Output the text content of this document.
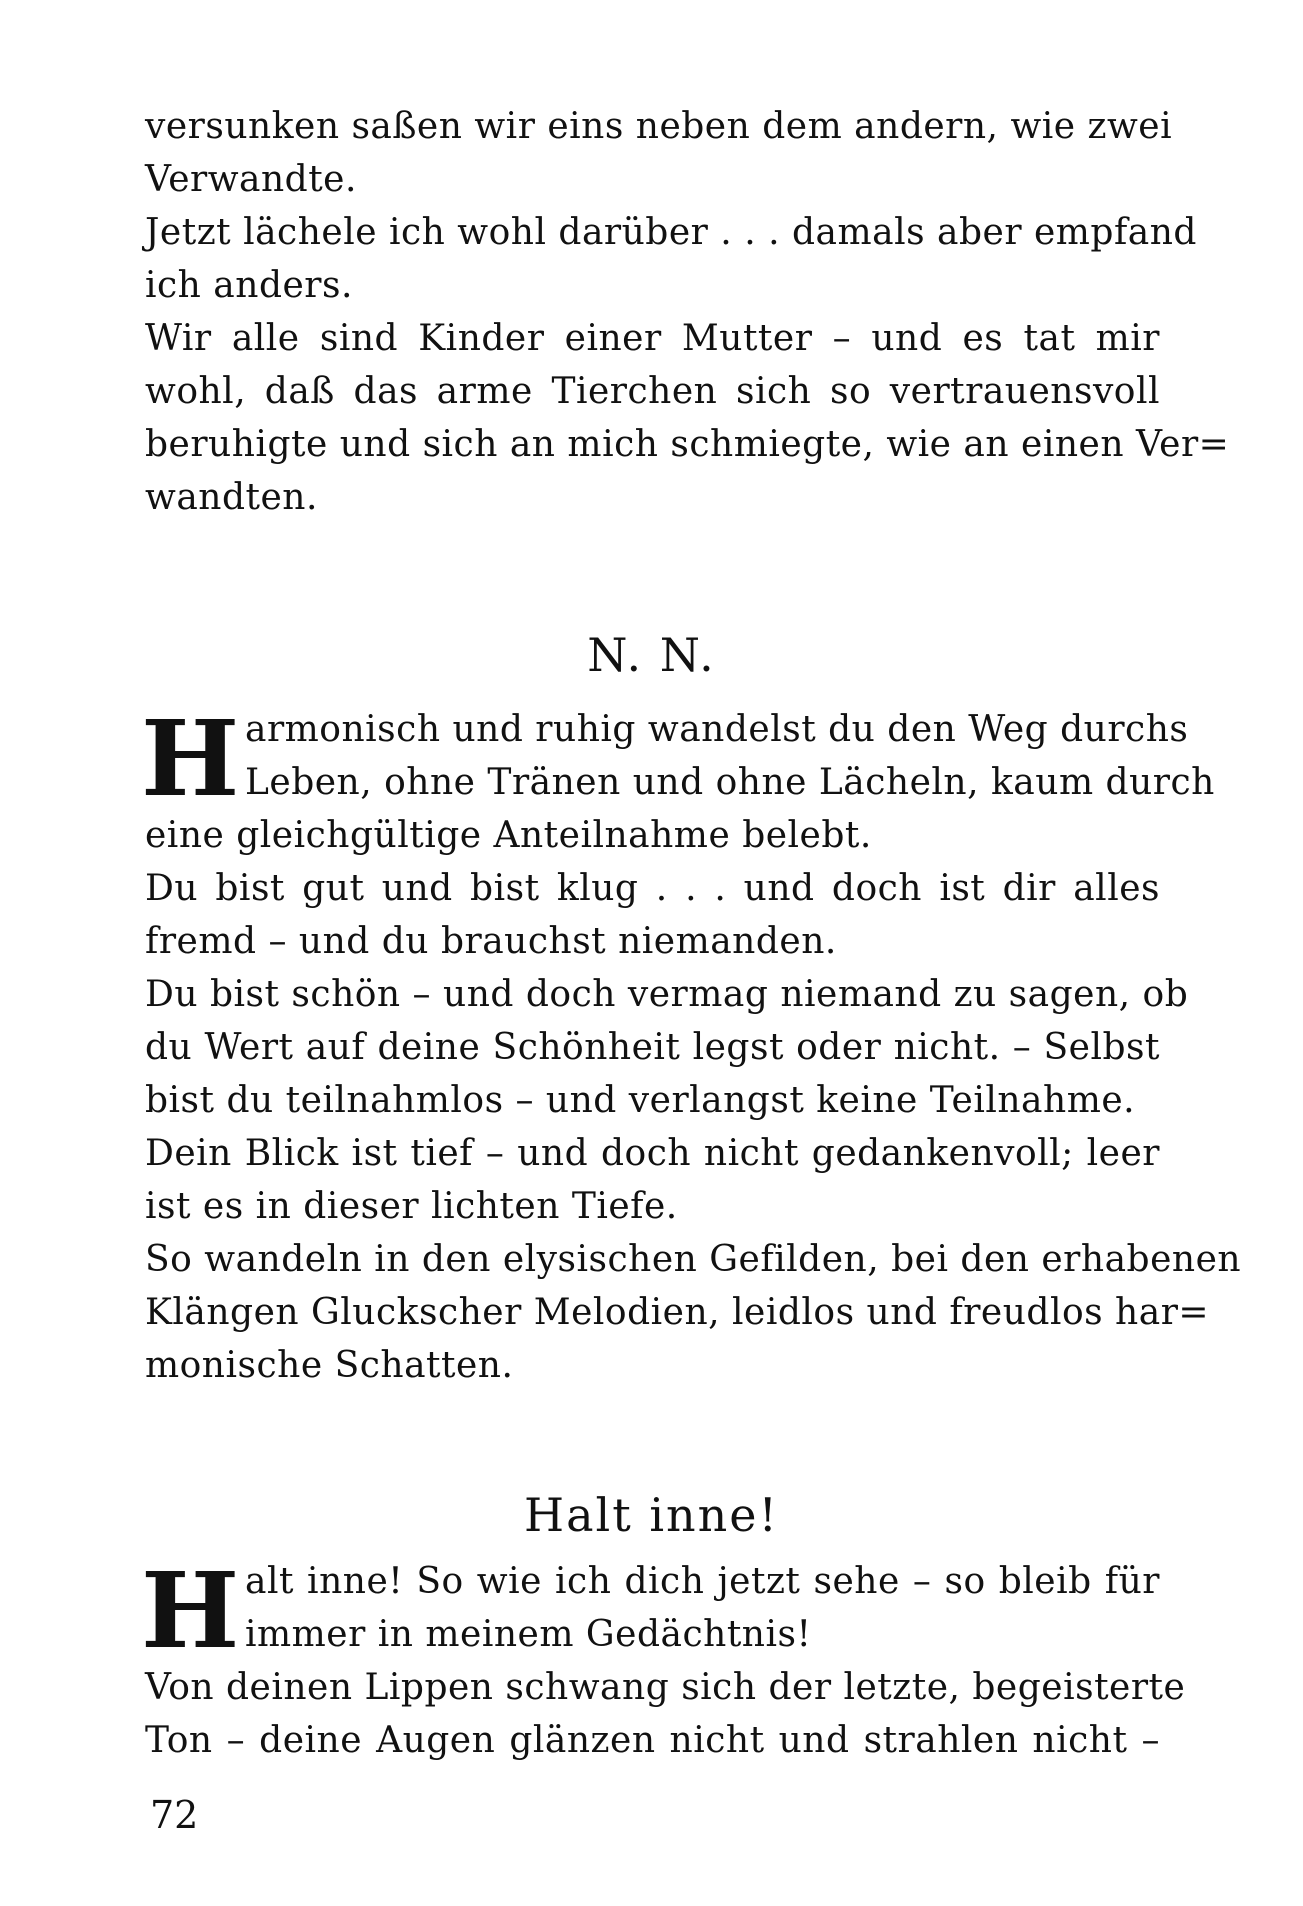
versunken saßen wir eins neben dem andern, wie zwei
Verwandte.
Jetzt lächele ich wohl darüber . . . damals aber empfand
ich anders.
Wir alle sind Kinder einer Mutter – und es tat mir
wohl, daß das arme Tierchen sich so vertrauensvoll
beruhigte und sich an mich schmiegte, wie an einen Ver=
wandten.
N. N.
H armonisch und ruhig wandelst du den Weg durchs
Leben, ohne Tränen und ohne Lächeln, kaum durch
eine gleichgültige Anteilnahme belebt.
Du bist gut und bist klug . . . und doch ist dir alles
fremd – und du brauchst niemanden.
Du bist schön – und doch vermag niemand zu sagen, ob
du Wert auf deine Schönheit legst oder nicht. – Selbst
bist du teilnahmlos – und verlangst keine Teilnahme.
Dein Blick ist tief – und doch nicht gedankenvoll; leer
ist es in dieser lichten Tiefe.
So wandeln in den elysischen Gefilden, bei den erhabenen
Klängen Gluckscher Melodien, leidlos und freudlos har=
monische Schatten.
Halt inne!
H alt inne! So wie ich dich jetzt sehe – so bleib für
immer in meinem Gedächtnis!
Von deinen Lippen schwang sich der letzte, begeisterte
Ton – deine Augen glänzen nicht und strahlen nicht –
72
